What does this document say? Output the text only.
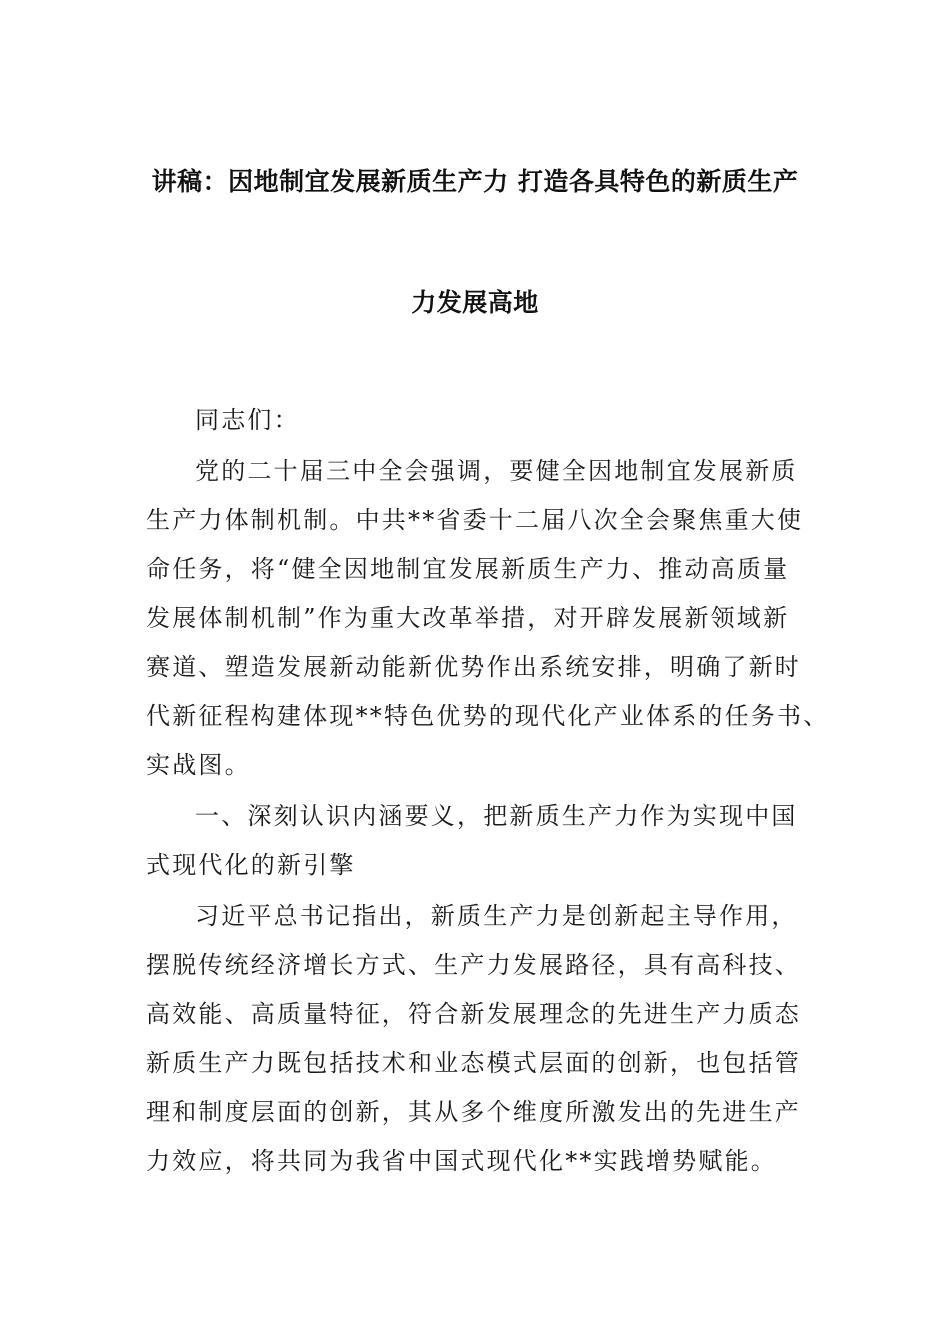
讲稿：因地制宜发展新质生产力 打造各具特色的新质生产
力发展高地
同志们：
党的二十届三中全会强调，要健全因地制宜发展新质
生产力体制机制。中共**省委十二届八次全会聚焦重大使
命任务，将“健全因地制宜发展新质生产力、推动高质量
发展体制机制”作为重大改革举措，对开辟发展新领域新
赛道、塑造发展新动能新优势作出系统安排，明确了新时
代新征程构建体现**特色优势的现代化产业体系的任务书、
实战图。
一、深刻认识内涵要义，把新质生产力作为实现中国
式现代化的新引擎
习近平总书记指出，新质生产力是创新起主导作用，
摆脱传统经济增长方式、生产力发展路径，具有高科技、
高效能、高质量特征，符合新发展理念的先进生产力质态
新质生产力既包括技术和业态模式层面的创新，也包括管
理和制度层面的创新，其从多个维度所激发出的先进生产
力效应，将共同为我省中国式现代化**实践增势赋能。
